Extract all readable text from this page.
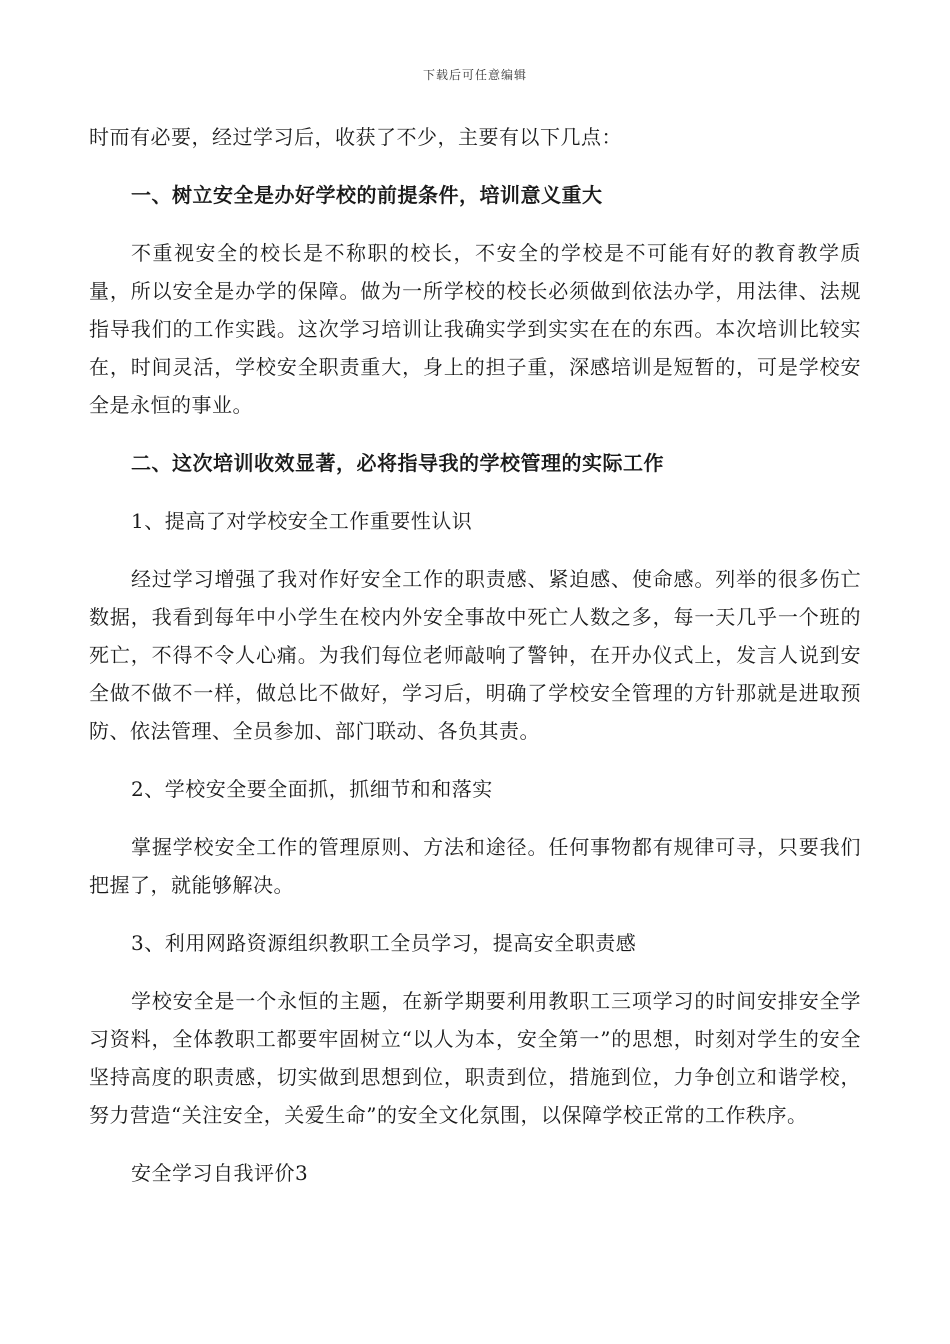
下载后可任意编辑

时而有必要，经过学习后，收获了不少，主要有以下几点：

一、树立安全是办好学校的前提条件，培训意义重大

不重视安全的校长是不称职的校长，不安全的学校是不可能有好的教育教学质量，所以安全是办学的保障。做为一所学校的校长必须做到依法办学，用法律、法规指导我们的工作实践。这次学习培训让我确实学到实实在在的东西。本次培训比较实在，时间灵活，学校安全职责重大，身上的担子重，深感培训是短暂的，可是学校安全是永恒的事业。

二、这次培训收效显著，必将指导我的学校管理的实际工作

1、提高了对学校安全工作重要性认识

经过学习增强了我对作好安全工作的职责感、紧迫感、使命感。列举的很多伤亡数据，我看到每年中小学生在校内外安全事故中死亡人数之多，每一天几乎一个班的死亡，不得不令人心痛。为我们每位老师敲响了警钟，在开办仪式上，发言人说到安全做不做不一样，做总比不做好，学习后，明确了学校安全管理的方针那就是进取预防、依法管理、全员参加、部门联动、各负其责。

2、学校安全要全面抓，抓细节和和落实

掌握学校安全工作的管理原则、方法和途径。任何事物都有规律可寻，只要我们把握了，就能够解决。

3、利用网路资源组织教职工全员学习，提高安全职责感

学校安全是一个永恒的主题，在新学期要利用教职工三项学习的时间安排安全学习资料，全体教职工都要牢固树立“以人为本，安全第一”的思想，时刻对学生的安全坚持高度的职责感，切实做到思想到位，职责到位，措施到位，力争创立和谐学校，努力营造“关注安全，关爱生命”的安全文化氛围，以保障学校正常的工作秩序。

安全学习自我评价3
